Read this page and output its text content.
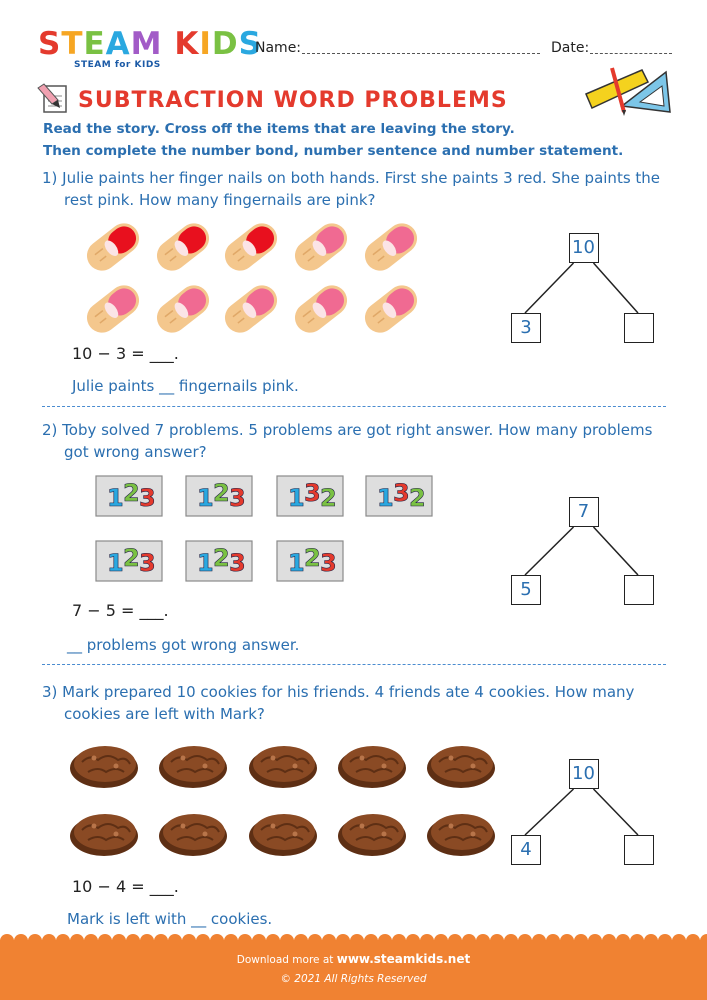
STEAM KIDS
STEAM for KIDS
Name:	Date:
SUBTRACTION WORD PROBLEMS
Read the story. Cross off the items that are leaving the story.
Then complete the number bond, number sentence and number statement.
1) Julie paints her finger nails on both hands. First she paints 3 red. She paints the
rest pink. How many fingernails are pink?
10 − 3 = ___.
Julie paints __ fingernails pink.
10
3
2) Toby solved 7 problems. 5 problems are got right answer. How many problems
got wrong answer?
1 2 3 1 2 3 1 3 2 1 3 2
1 2 3 1 2 3 1 2 3
7 − 5 = ___.
__ problems got wrong answer.
7
5
3) Mark prepared 10 cookies for his friends. 4 friends ate 4 cookies. How many
cookies are left with Mark?
10 − 4 = ___.
Mark is left with __ cookies.
10
4
Download more at www.steamkids.net
© 2021 All Rights Reserved
